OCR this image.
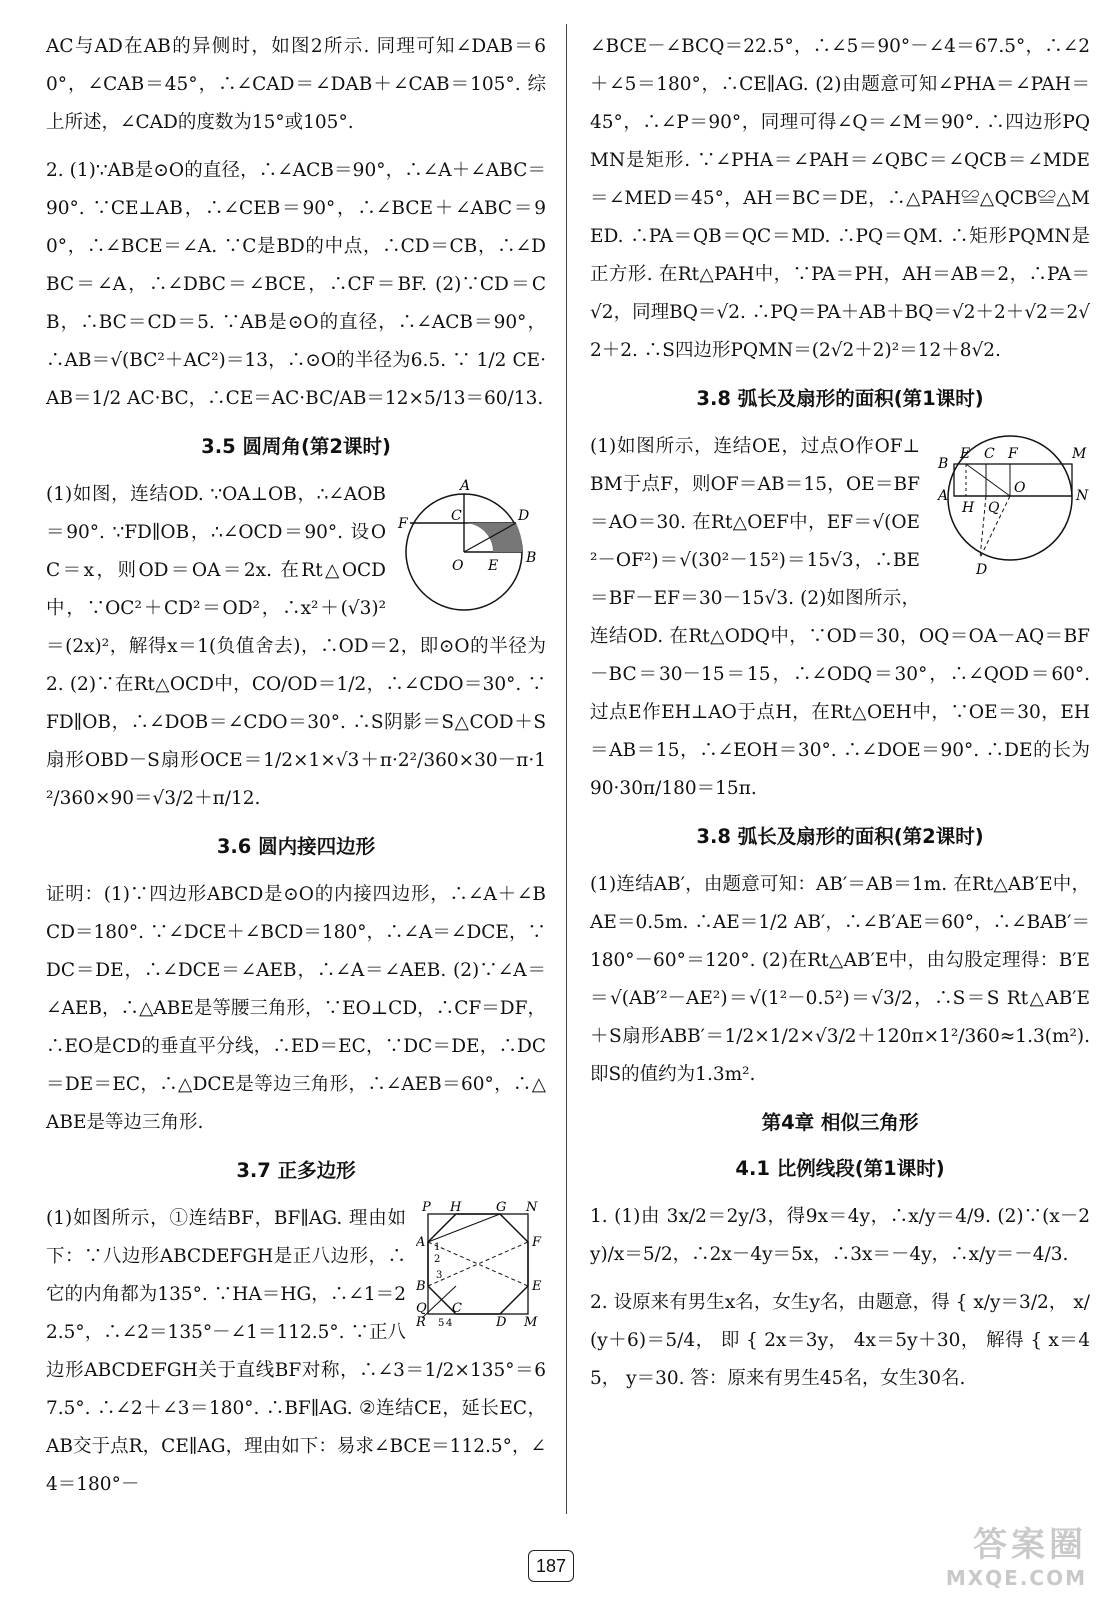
AC与AD在AB的异侧时，如图2所示. 同理可知∠DAB＝60°，∠CAB＝45°，∴∠CAD＝∠DAB＋∠CAB＝105°. 综上所述，∠CAD的度数为15°或105°.

2. (1)∵AB是⊙O的直径，∴∠ACB＝90°，∴∠A＋∠ABC＝90°. ∵CE⊥AB，∴∠CEB＝90°，∴∠BCE＋∠ABC＝90°，∴∠BCE＝∠A. ∵C是BD的中点，∴CD＝CB，∴∠DBC＝∠A，∴∠DBC＝∠BCE，∴CF＝BF. (2)∵CD＝CB，∴BC＝CD＝5. ∵AB是⊙O的直径，∴∠ACB＝90°，∴AB＝√(BC²＋AC²)＝13，∴⊙O的半径为6.5. ∵ 1/2 CE·AB＝1/2 AC·BC，∴CE＝AC·BC/AB＝12×5/13＝60/13.

3.5 圆周角(第2课时)

A
C	D
F
O E B
(1)如图，连结OD. ∵OA⊥OB，∴∠AOB＝90°. ∵FD∥OB，∴∠OCD＝90°. 设OC＝x，则OD＝OA＝2x. 在Rt△OCD中，∵OC²＋CD²＝OD²，∴x²＋(√3)²＝(2x)²，解得x＝1(负值舍去)，∴OD＝2，即⊙O的半径为2. (2)∵在Rt△OCD中，CO/OD＝1/2，∴∠CDO＝30°. ∵FD∥OB，∴∠DOB＝∠CDO＝30°. ∴S阴影＝S△COD＋S扇形OBD－S扇形OCE＝1/2×1×√3＋π·2²/360×30－π·1²/360×90＝√3/2＋π/12.

3.6 圆内接四边形

证明：(1)∵四边形ABCD是⊙O的内接四边形，∴∠A＋∠BCD＝180°. ∵∠DCE＋∠BCD＝180°，∴∠A＝∠DCE，∵DC＝DE，∴∠DCE＝∠AEB，∴∠A＝∠AEB. (2)∵∠A＝∠AEB，∴△ABE是等腰三角形，∵EO⊥CD，∴CF＝DF，∴EO是CD的垂直平分线，∴ED＝EC，∵DC＝DE，∴DC＝DE＝EC，∴△DCE是等边三角形，∴∠AEB＝60°，∴△ABE是等边三角形.

3.7 正多边形

P H	G N
A 1
2
3
B
F
E
Q
R 5 4
C
D M
(1)如图所示，①连结BF，BF∥AG. 理由如下：∵八边形ABCDEFGH是正八边形，∴它的内角都为135°. ∵HA＝HG，∴∠1＝22.5°，∴∠2＝135°－∠1＝112.5°. ∵正八边形ABCDEFGH关于直线BF对称，∴∠3＝1/2×135°＝67.5°. ∴∠2＋∠3＝180°. ∴BF∥AG. ②连结CE，延长EC，AB交于点R，CE∥AG，理由如下：易求∠BCE＝112.5°，∠4＝180°－

∠BCE－∠BCQ＝22.5°，∴∠5＝90°－∠4＝67.5°，∴∠2＋∠5＝180°，∴CE∥AG. (2)由题意可知∠PHA＝∠PAH＝45°，∴∠P＝90°，同理可得∠Q＝∠M＝90°. ∴四边形PQMN是矩形. ∵∠PHA＝∠PAH＝∠QBC＝∠QCB＝∠MDE＝∠MED＝45°，AH＝BC＝DE，∴△PAH≌△QCB≌△MED. ∴PA＝QB＝QC＝MD. ∴PQ＝QM. ∴矩形PQMN是正方形. 在Rt△PAH中，∵PA＝PH，AH＝AB＝2，∴PA＝√2，同理BQ＝√2. ∴PQ＝PA＋AB＋BQ＝√2＋2＋√2＝2√2＋2. ∴S四边形PQMN＝(2√2＋2)²＝12＋8√2.

3.8 弧长及扇形的面积(第1课时)

B
E C F	M
A
H
O
Q
N
D
(1)如图所示，连结OE，过点O作OF⊥BM于点F，则OF＝AB＝15，OE＝BF＝AO＝30. 在Rt△OEF中，EF＝√(OE²－OF²)＝√(30²－15²)＝15√3，∴BE＝BF－EF＝30－15√3. (2)如图所示，连结OD. 在Rt△ODQ中，∵OD＝30，OQ＝OA－AQ＝BF－BC＝30－15＝15，∴∠ODQ＝30°，∴∠QOD＝60°. 过点E作EH⊥AO于点H，在Rt△OEH中，∵OE＝30，EH＝AB＝15，∴∠EOH＝30°. ∴∠DOE＝90°. ∴DE的长为90·30π/180＝15π.

3.8 弧长及扇形的面积(第2课时)

(1)连结AB′，由题意可知：AB′＝AB＝1m. 在Rt△AB′E中，AE＝0.5m. ∴AE＝1/2 AB′，∴∠B′AE＝60°，∴∠BAB′＝180°－60°＝120°. (2)在Rt△AB′E中，由勾股定理得：B′E＝√(AB′²－AE²)＝√(1²－0.5²)＝√3/2，∴S＝S Rt△AB′E＋S扇形ABB′＝1/2×1/2×√3/2＋120π×1²/360≈1.3(m²). 即S的值约为1.3m².

第4章 相似三角形
4.1 比例线段(第1课时)

1. (1)由 3x/2＝2y/3，得9x＝4y，∴x/y＝4/9. (2)∵(x－2y)/x＝5/2，∴2x－4y＝5x，∴3x＝－4y，∴x/y＝－4/3.

2. 设原来有男生x名，女生y名，由题意，得 { x/y＝3/2， x/(y＋6)＝5/4， 即 { 2x＝3y， 4x＝5y＋30， 解得 { x＝45， y＝30. 答：原来有男生45名，女生30名.

187
答案圈
MXQE.COM
